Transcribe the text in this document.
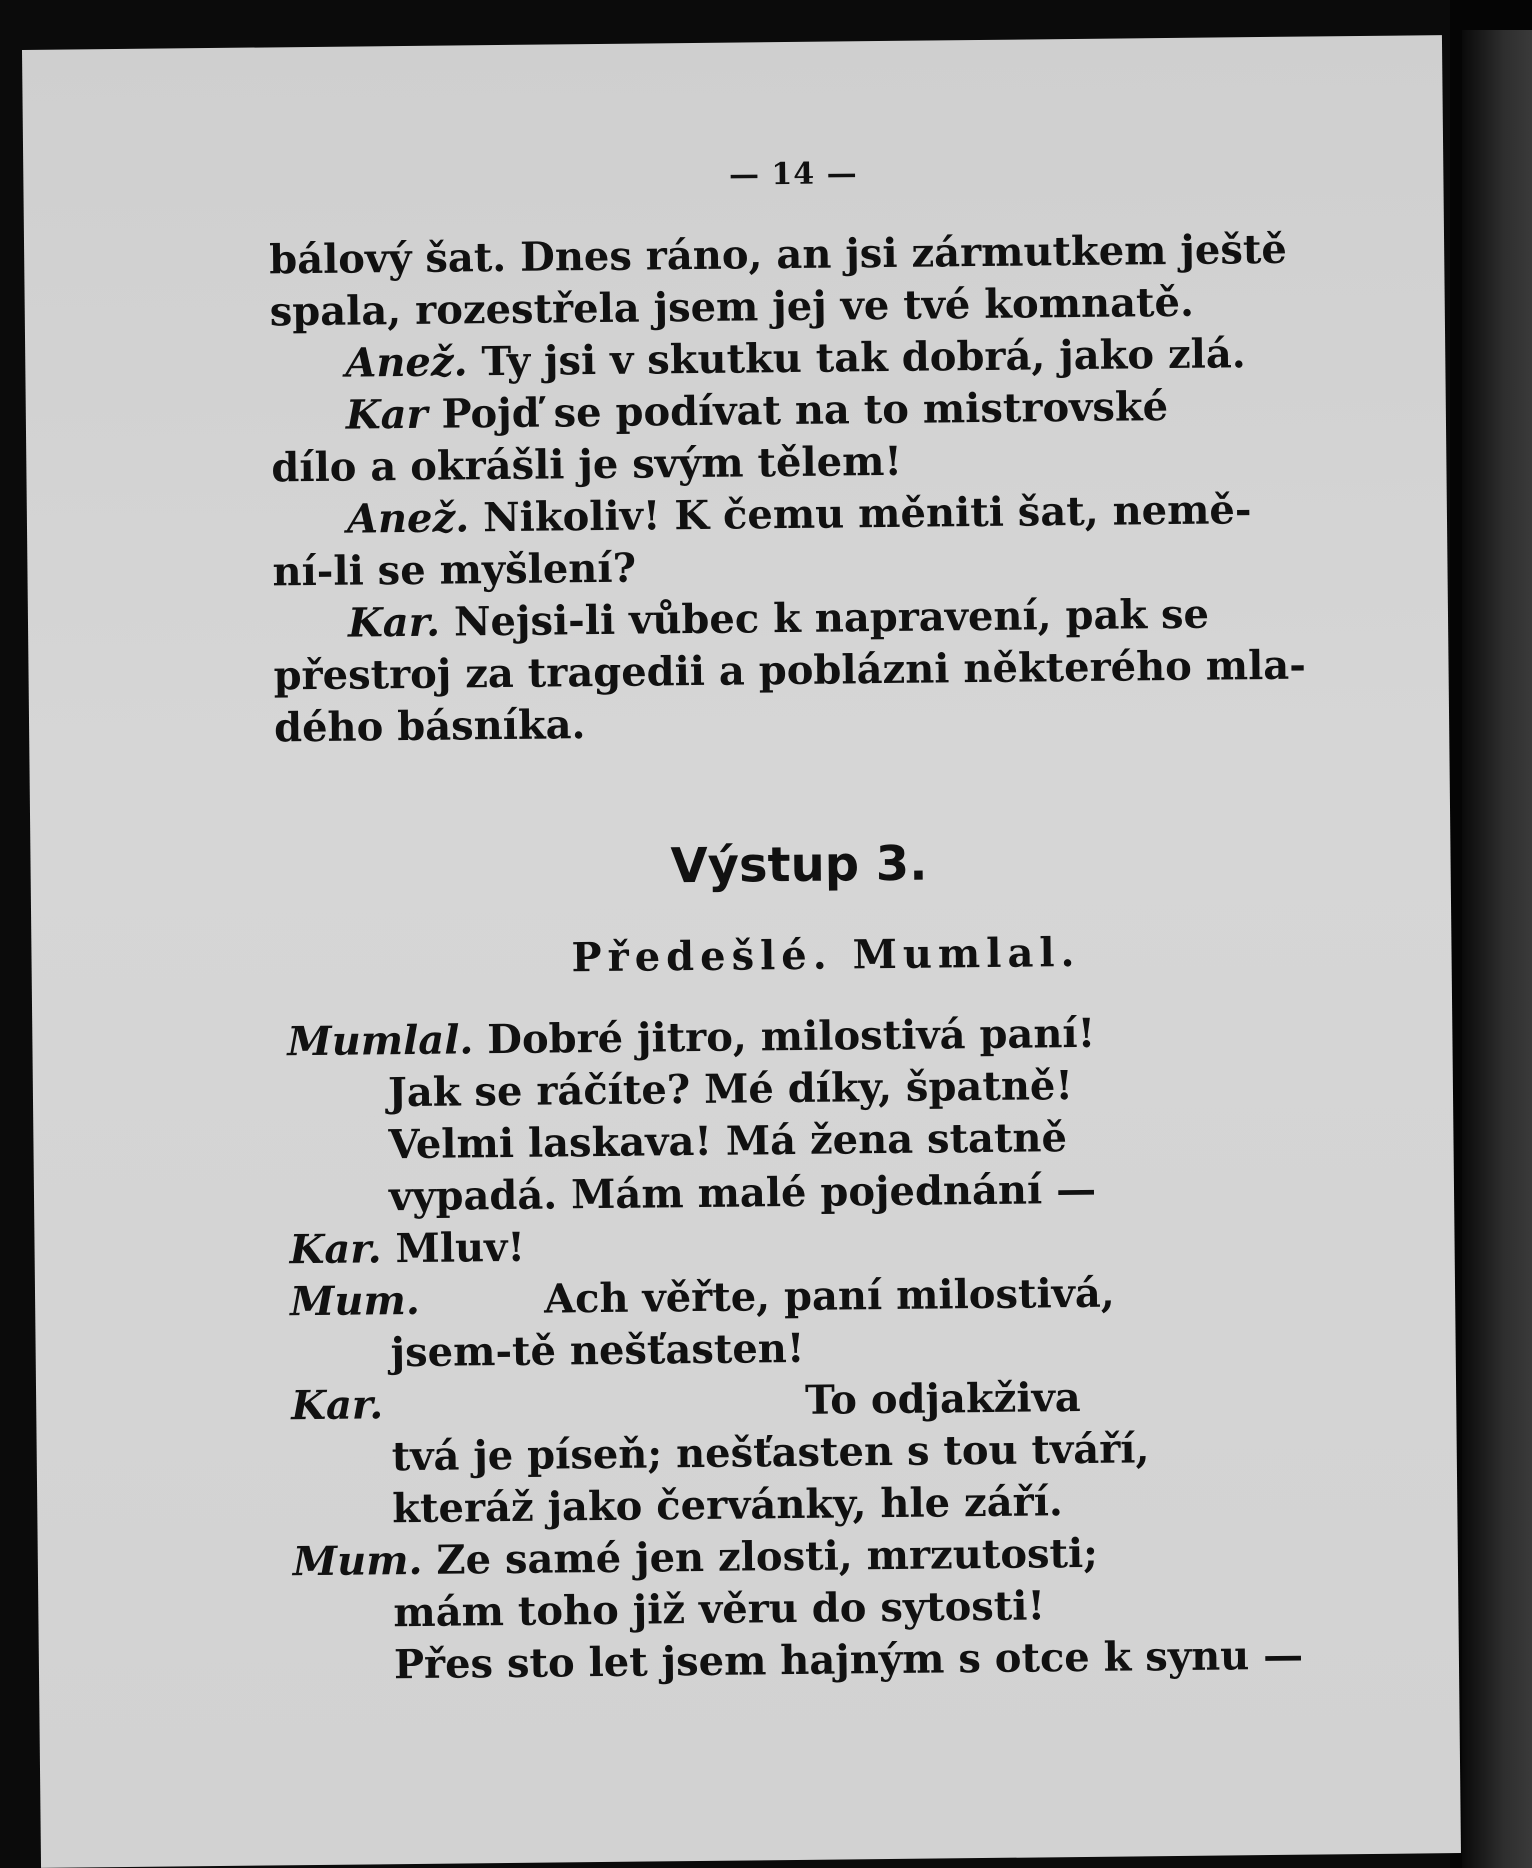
— 14 —
bálový šat. Dnes ráno, an jsi zármutkem ještě
spala, rozestřela jsem jej ve tvé komnatě.
Anež. Ty jsi v skutku tak dobrá, jako zlá.
Kar Pojď se podívat na to mistrovské
dílo a okrášli je svým tělem!
Anež. Nikoliv! K čemu měniti šat, nemě-
ní-li se myšlení?
Kar. Nejsi-li vůbec k napravení, pak se
přestroj za tragedii a poblázni některého mla-
dého básníka.
Výstup 3.
Předešlé. Mumlal.
Mumlal. Dobré jitro, milostivá paní!
Jak se ráčíte? Mé díky, špatně!
Velmi laskava! Má žena statně
vypadá. Mám malé pojednání —
Kar. Mluv!
Mum.	Ach věřte, paní milostivá,
jsem-tě nešťasten!
Kar.	To odjakživa
tvá je píseň; nešťasten s tou tváří,
kteráž jako červánky, hle září.
Mum. Ze samé jen zlosti, mrzutosti;
mám toho již věru do sytosti!
Přes sto let jsem hajným s otce k synu —
